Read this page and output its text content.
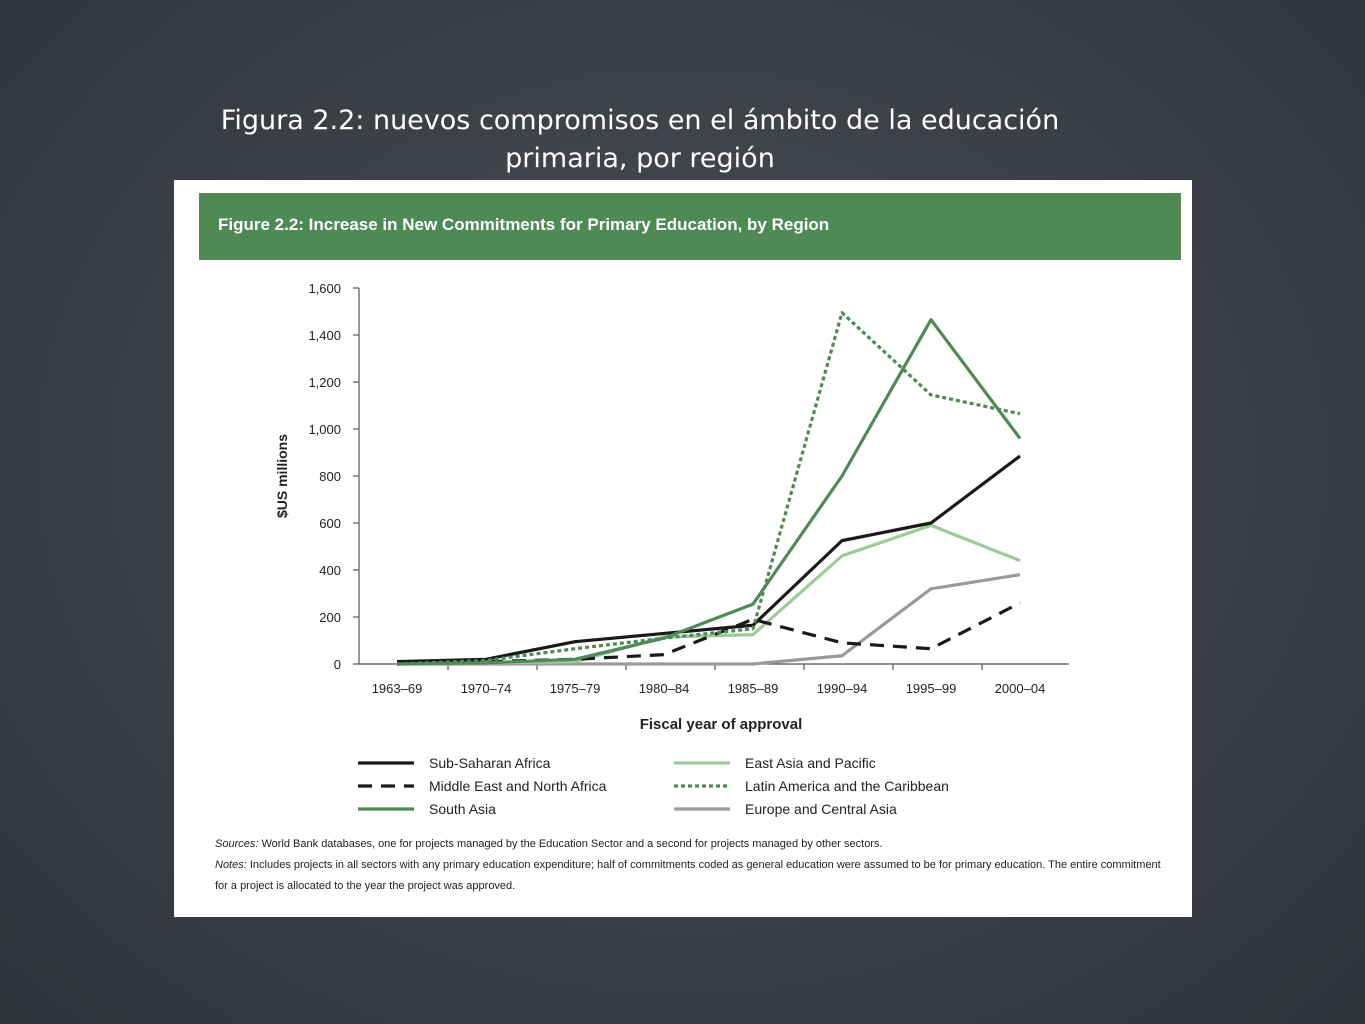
Figura 2.2: nuevos compromisos en el ámbito de la educación
primaria, por región
Figure 2.2: Increase in New Commitments for Primary Education, by Region
0
200
400
600
800
1,000
1,200
1,400
1,600
$US millions
1963–69	1970–74	1975–79	1980–84	1985–89	1990–94	1995–99	2000–04
Fiscal year of approval
Sub-Saharan Africa
Middle East and North Africa
South Asia
East Asia and Pacific
Latin America and the Caribbean
Europe and Central Asia

Sources: World Bank databases, one for projects managed by the Education Sector and a second for projects managed by other sectors.

Notes: Includes projects in all sectors with any primary education expenditure; half of commitments coded as general education were assumed to be for primary education. The entire commitment for a project is allocated to the year the project was approved.
